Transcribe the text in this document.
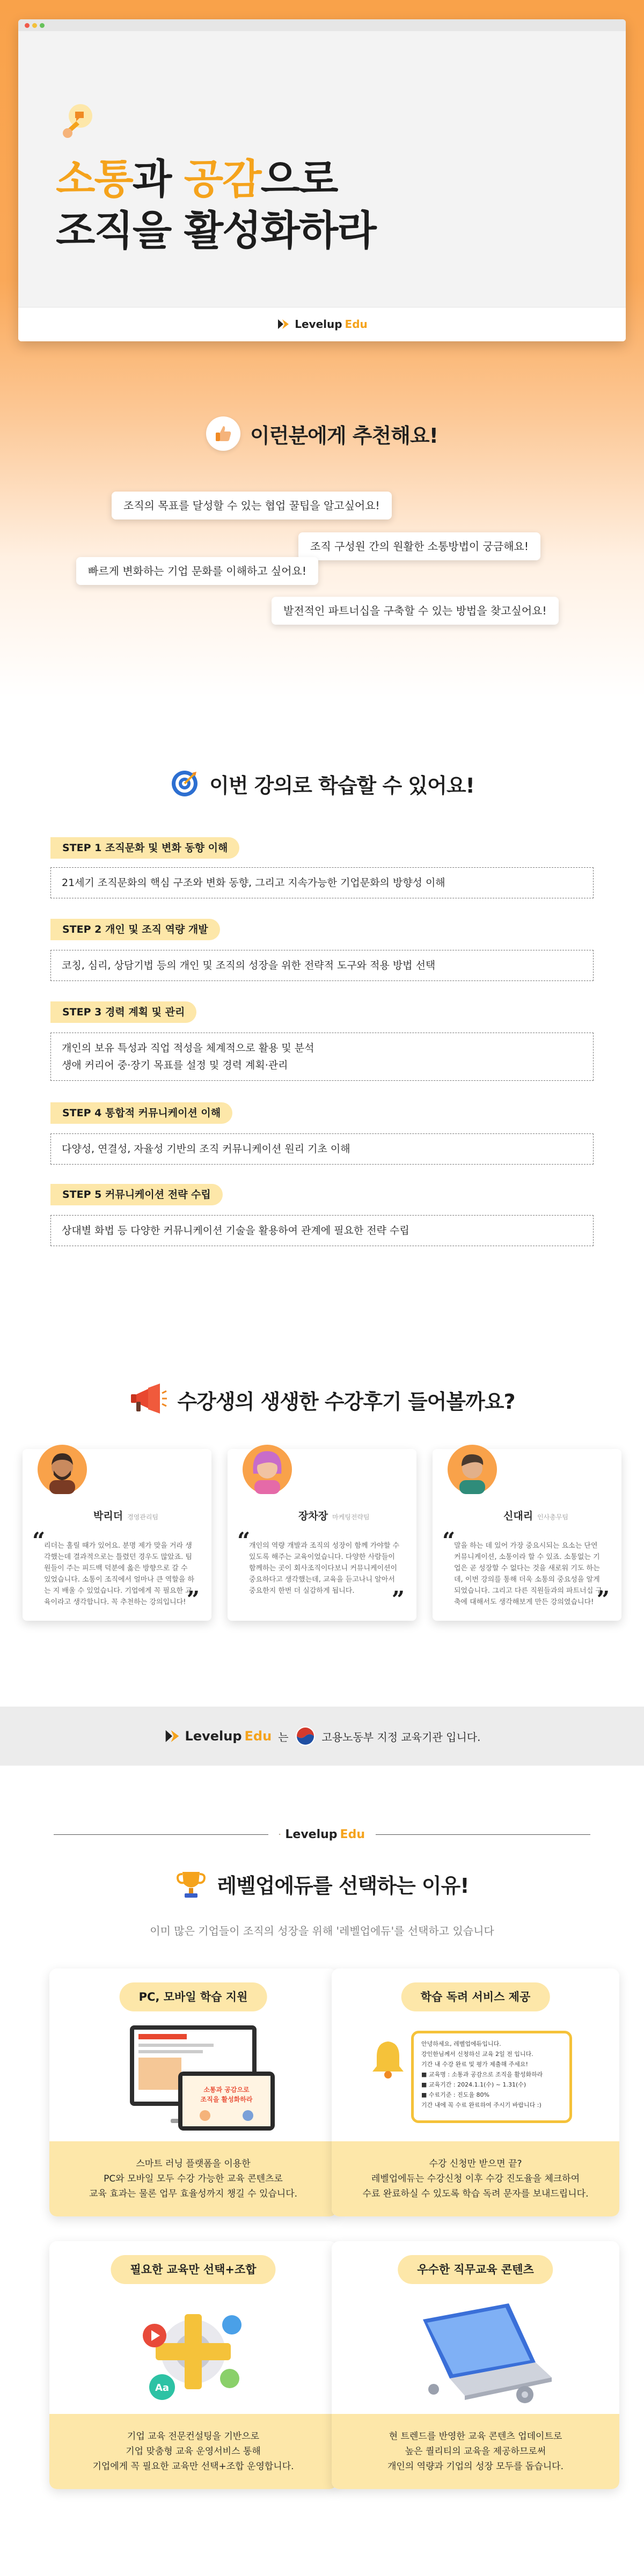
소통과 공감으로
조직을 활성화하라
Levelup Edu
이런분에게 추천해요!
조직의 목표를 달성할 수 있는 협업 꿀팁을 알고싶어요!
조직 구성원 간의 원활한 소통방법이 궁금해요!
빠르게 변화하는 기업 문화를 이해하고 싶어요!
발전적인 파트너십을 구축할 수 있는 방법을 찾고싶어요!
이번 강의로 학습할 수 있어요!
STEP 1 조직문화 및 변화 동향 이해
21세기 조직문화의 핵심 구조와 변화 동향, 그리고 지속가능한 기업문화의 방향성 이해
STEP 2 개인 및 조직 역량 개발
코칭, 심리, 상담기법 등의 개인 및 조직의 성장을 위한 전략적 도구와 적용 방법 선택
STEP 3 경력 계획 및 관리
개인의 보유 특성과 직업 적성을 체계적으로 활용 및 분석
생애 커리어 중·장기 목표를 설정 및 경력 계획·관리
STEP 4 통합적 커뮤니케이션 이해
다양성, 연결성, 자율성 기반의 조직 커뮤니케이션 원리 기초 이해
STEP 5 커뮤니케이션 전략 수립
상대별 화법 등 다양한 커뮤니케이션 기술을 활용하여 관계에 필요한 전략 수립
수강생의 생생한 수강후기 들어볼까요?
박리더 경영관리팀
“
리더는 홀릴 때가 있어요. 분명 제가 맞을 거라 생각했는데 결과적으로는 틀렸던 경우도 많았죠. 팀원들이 주는 피드백 덕분에 옳은 방향으로 갈 수 있었습니다. 소통이 조직에서 얼마나 큰 역할을 하는 지 배울 수 있었습니다. 기업에게 꼭 필요한 교육이라고 생각합니다. 꼭 추천하는 강의입니다! ”
장차장 마케팅전략팀
“
개인의 역량 개발과 조직의 성장이 함께 가야할 수 있도록 해주는 교육이었습니다. 다양한 사람들이 함께하는 곳이 회사조직이다보니 커뮤니케이션이 중요하다고 생각했는데, 교육을 듣고나니 알아서 중요한지 한번 더 실감하게 됩니다.	”
신대리 인사총무팀
“
말을 하는 데 있어 가장 중요시되는 요소는 단연 커뮤니케이션, 소통이라 할 수 있죠. 소통없는 기업은 곧 성장할 수 없다는 것을 새로워 기도 하는데, 이번 강의를 통해 더욱 소통의 중요성을 알게 되었습니다. 그리고 다른 직원들과의 파트너십 구축에 대해서도 생각해보게 만든 강의였습니다! ”
Levelup Edu 는	고용노동부 지정 교육기관 입니다.
Levelup Edu
레벨업에듀를 선택하는 이유!
이미 많은 기업들이 조직의 성장을 위해 '레벨업에듀'를 선택하고 있습니다
PC, 모바일 학습 지원
소통과 공감으로
조직을 활성화하라
스마트 러닝 플랫폼을 이용한
PC와 모바일 모두 수강 가능한 교육 콘텐츠로
교육 효과는 물론 업무 효율성까지 챙길 수 있습니다.
학습 독려 서비스 제공
안녕하세요, 레벨업에듀입니다.
강인한님께서 신청하신 교육 2일 전 입니다.
기간 내 수강 완료 및 평가 제출해 주세요!
■ 교육명 : 소통과 공감으로 조직을 활성화하라
■ 교육기간 : 2024.1.1(수) ~ 1.31(수)
■ 수료기준 : 진도율 80%
기간 내에 꼭 수료 완료하여 주시기 바랍니다 :)
수강 신청만 받으면 끝?
레벨업에듀는 수강신청 이후 수강 진도율을 체크하여
수료 완료하실 수 있도록 학습 독려 문자를 보내드립니다.
필요한 교육만 선택+조합
Aa
기업 교육 전문컨설팅을 기반으로
기업 맞춤형 교육 운영서비스 통해
기업에게 꼭 필요한 교육만 선택+조합 운영합니다.
우수한 직무교육 콘텐츠
현 트렌드를 반영한 교육 콘텐츠 업데이트로
높은 퀄리티의 교육을 제공하므로써
개인의 역량과 기업의 성장 모두를 돕습니다.
